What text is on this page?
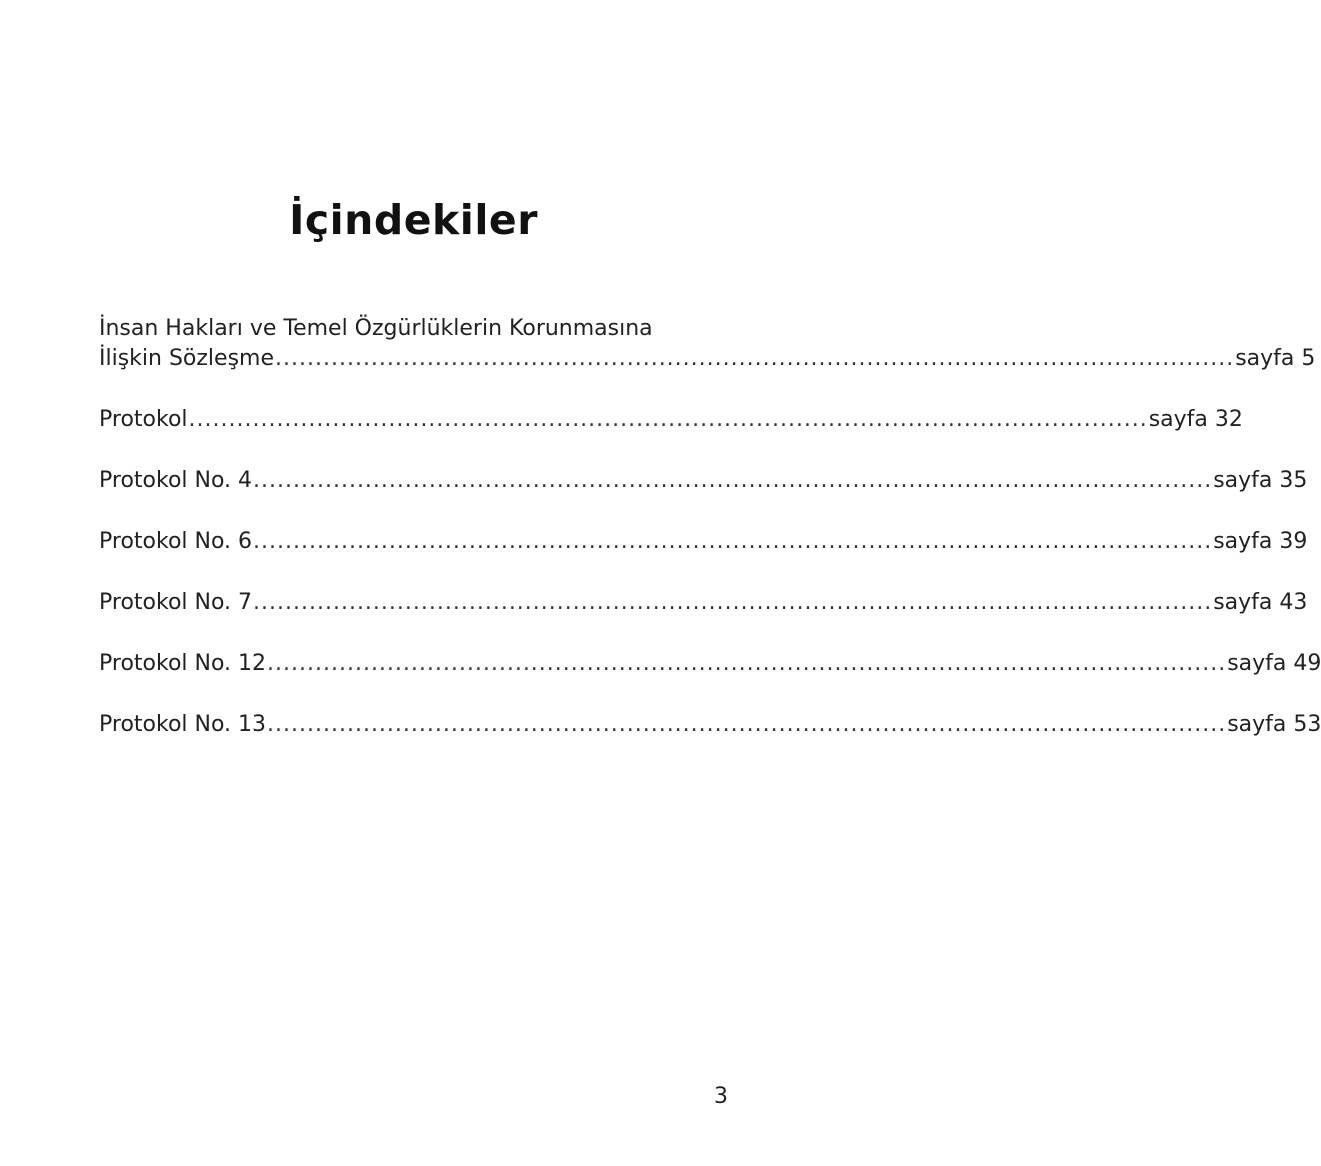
İçindekiler
İnsan Hakları ve Temel Özgürlüklerin Korunmasına
İlişkin Sözleşme ........................................................................................................................ sayfa 5
Protokol ........................................................................................................................ sayfa 32
Protokol No. 4 ........................................................................................................................ sayfa 35
Protokol No. 6 ........................................................................................................................ sayfa 39
Protokol No. 7 ........................................................................................................................ sayfa 43
Protokol No. 12 ........................................................................................................................ sayfa 49
Protokol No. 13 ........................................................................................................................ sayfa 53
3
